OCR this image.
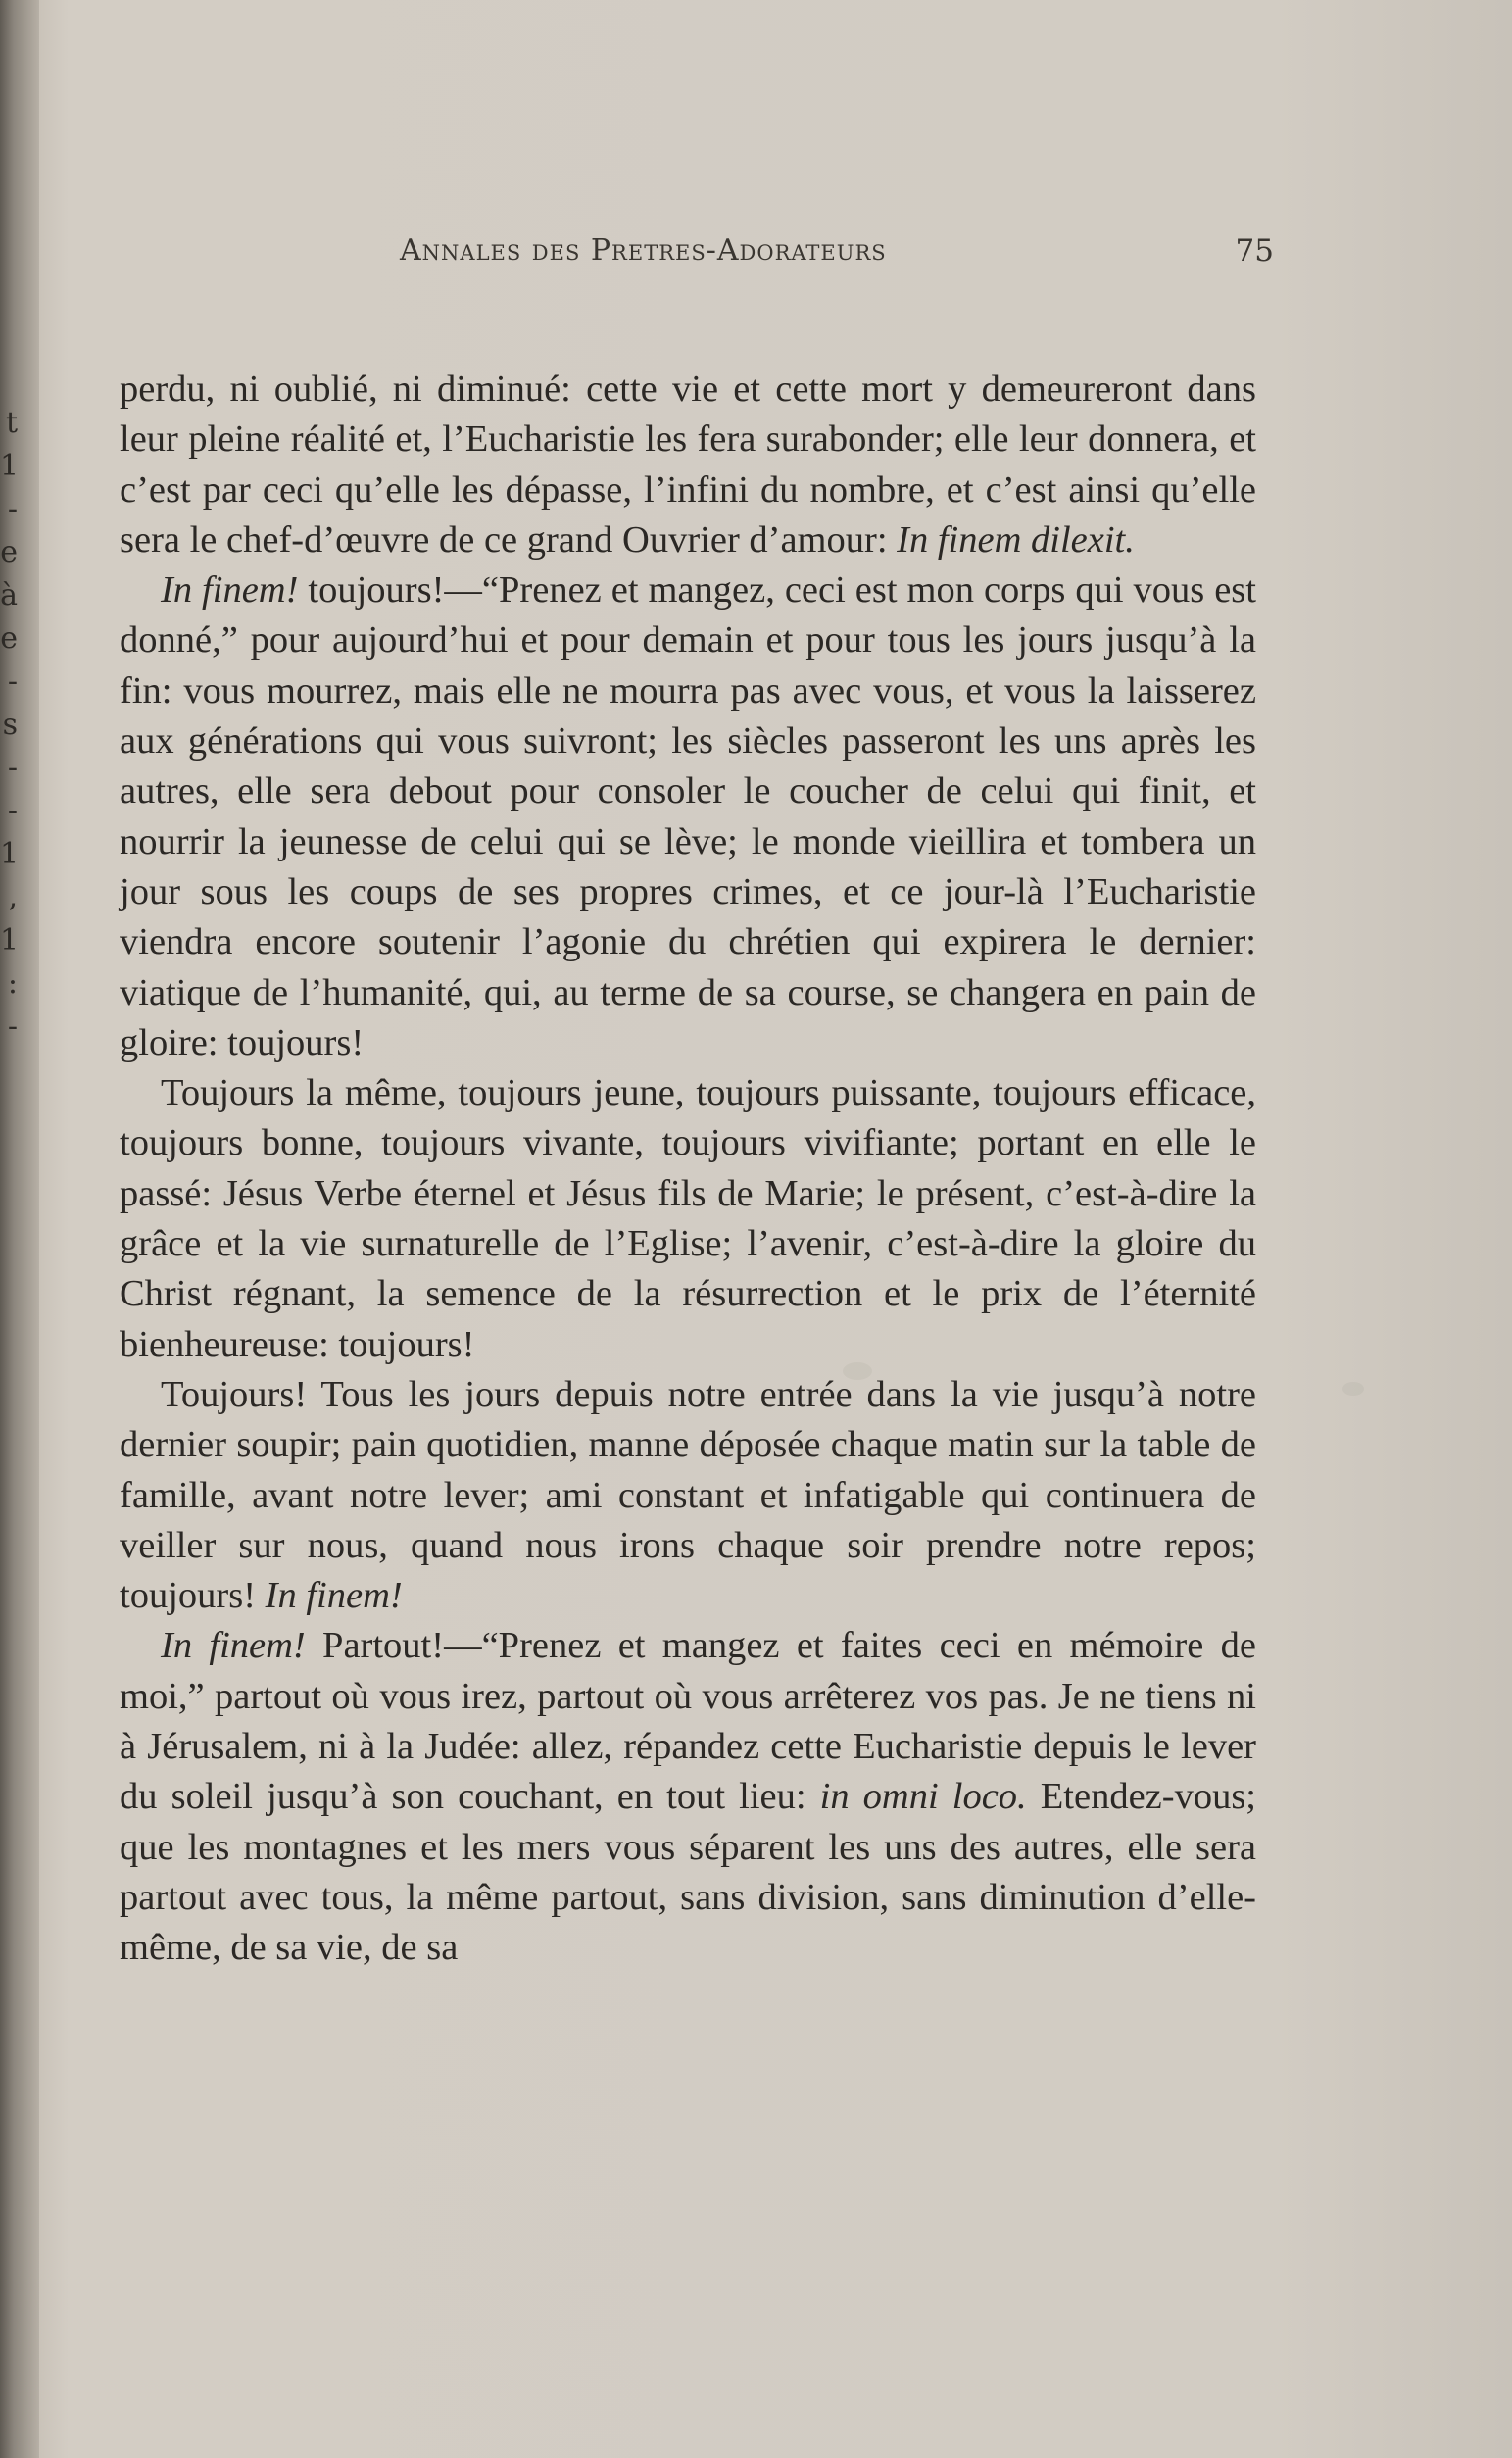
t
1
-
e
à
e
-
s
-
-
1
,
1
:
-
Annales des Pretres-Adorateurs	75

perdu, ni oublié, ni diminué: cette vie et cette mort y demeureront dans leur pleine réalité et, l’Eucharistie les fera surabonder; elle leur donnera, et c’est par ceci qu’elle les dépasse, l’infini du nombre, et c’est ainsi qu’elle sera le chef-d’œuvre de ce grand Ouvrier d’amour: In finem dilexit.

In finem! toujours!—“Prenez et mangez, ceci est mon corps qui vous est donné,” pour aujourd’hui et pour demain et pour tous les jours jusqu’à la fin: vous mourrez, mais elle ne mourra pas avec vous, et vous la laisserez aux générations qui vous suivront; les siècles passeront les uns après les autres, elle sera debout pour consoler le coucher de celui qui finit, et nourrir la jeunesse de celui qui se lève; le monde vieillira et tombera un jour sous les coups de ses propres crimes, et ce jour-là l’Eucharistie viendra encore soutenir l’agonie du chrétien qui expirera le dernier: viatique de l’humanité, qui, au terme de sa course, se changera en pain de gloire: toujours!

Toujours la même, toujours jeune, toujours puissante, toujours efficace, toujours bonne, toujours vivante, toujours vivifiante; portant en elle le passé: Jésus Verbe éternel et Jésus fils de Marie; le présent, c’est-à-dire la grâce et la vie surnaturelle de l’Eglise; l’avenir, c’est-à-dire la gloire du Christ régnant, la semence de la résurrection et le prix de l’éternité bienheureuse: toujours!

Toujours! Tous les jours depuis notre entrée dans la vie jusqu’à notre dernier soupir; pain quotidien, manne déposée chaque matin sur la table de famille, avant notre lever; ami constant et infatigable qui continuera de veiller sur nous, quand nous irons chaque soir prendre notre repos; toujours! In finem!

In finem! Partout!—“Prenez et mangez et faites ceci en mémoire de moi,” partout où vous irez, partout où vous arrêterez vos pas. Je ne tiens ni à Jérusalem, ni à la Judée: allez, répandez cette Eucharistie depuis le lever du soleil jusqu’à son couchant, en tout lieu: in omni loco. Etendez-vous; que les montagnes et les mers vous séparent les uns des autres, elle sera partout avec tous, la même partout, sans division, sans diminution d’elle-même, de sa vie, de sa
